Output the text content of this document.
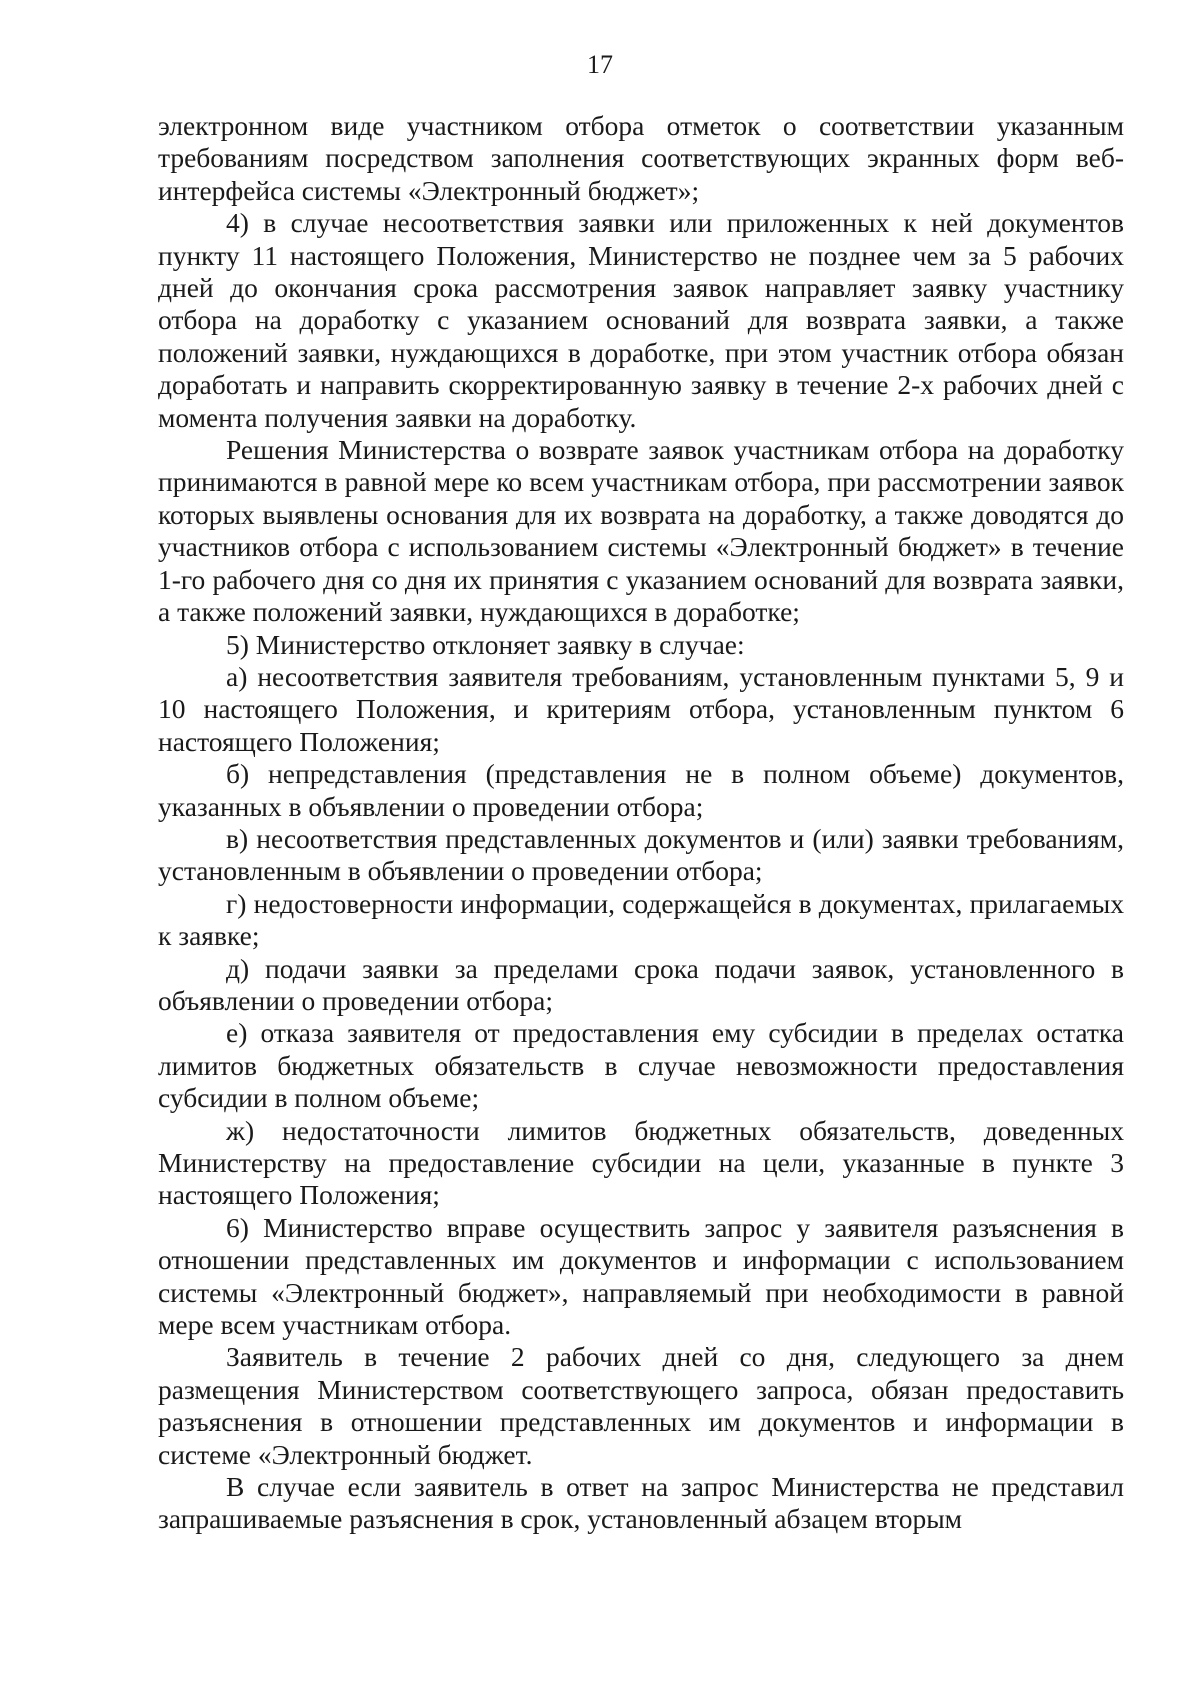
17

электронном виде участником отбора отметок о соответствии указанным требованиям посредством заполнения соответствующих экранных форм веб-интерфейса системы «Электронный бюджет»;

4) в случае несоответствия заявки или приложенных к ней документов пункту 11 настоящего Положения, Министерство не позднее чем за 5 рабочих дней до окончания срока рассмотрения заявок направляет заявку участнику отбора на доработку с указанием оснований для возврата заявки, а также положений заявки, нуждающихся в доработке, при этом участник отбора обязан доработать и направить скорректированную заявку в течение 2-х рабочих дней с момента получения заявки на доработку.

Решения Министерства о возврате заявок участникам отбора на доработку принимаются в равной мере ко всем участникам отбора, при рассмотрении заявок которых выявлены основания для их возврата на доработку, а также доводятся до участников отбора с использованием системы «Электронный бюджет» в течение 1-го рабочего дня со дня их принятия с указанием оснований для возврата заявки, а также положений заявки, нуждающихся в доработке;

5) Министерство отклоняет заявку в случае:

а) несоответствия заявителя требованиям, установленным пунктами 5, 9 и 10 настоящего Положения, и критериям отбора, установленным пунктом 6 настоящего Положения;

б) непредставления (представления не в полном объеме) документов, указанных в объявлении о проведении отбора;

в) несоответствия представленных документов и (или) заявки требованиям, установленным в объявлении о проведении отбора;

г) недостоверности информации, содержащейся в документах, прилагаемых к заявке;

д) подачи заявки за пределами срока подачи заявок, установленного в объявлении о проведении отбора;

е) отказа заявителя от предоставления ему субсидии в пределах остатка лимитов бюджетных обязательств в случае невозможности предоставления субсидии в полном объеме;

ж) недостаточности лимитов бюджетных обязательств, доведенных Министерству на предоставление субсидии на цели, указанные в пункте 3 настоящего Положения;

6) Министерство вправе осуществить запрос у заявителя разъяснения в отношении представленных им документов и информации с использованием системы «Электронный бюджет», направляемый при необходимости в равной мере всем участникам отбора.

Заявитель в течение 2 рабочих дней со дня, следующего за днем размещения Министерством соответствующего запроса, обязан предоставить разъяснения в отношении представленных им документов и информации в системе «Электронный бюджет.

В случае если заявитель в ответ на запрос Министерства не представил запрашиваемые разъяснения в срок, установленный абзацем вторым
